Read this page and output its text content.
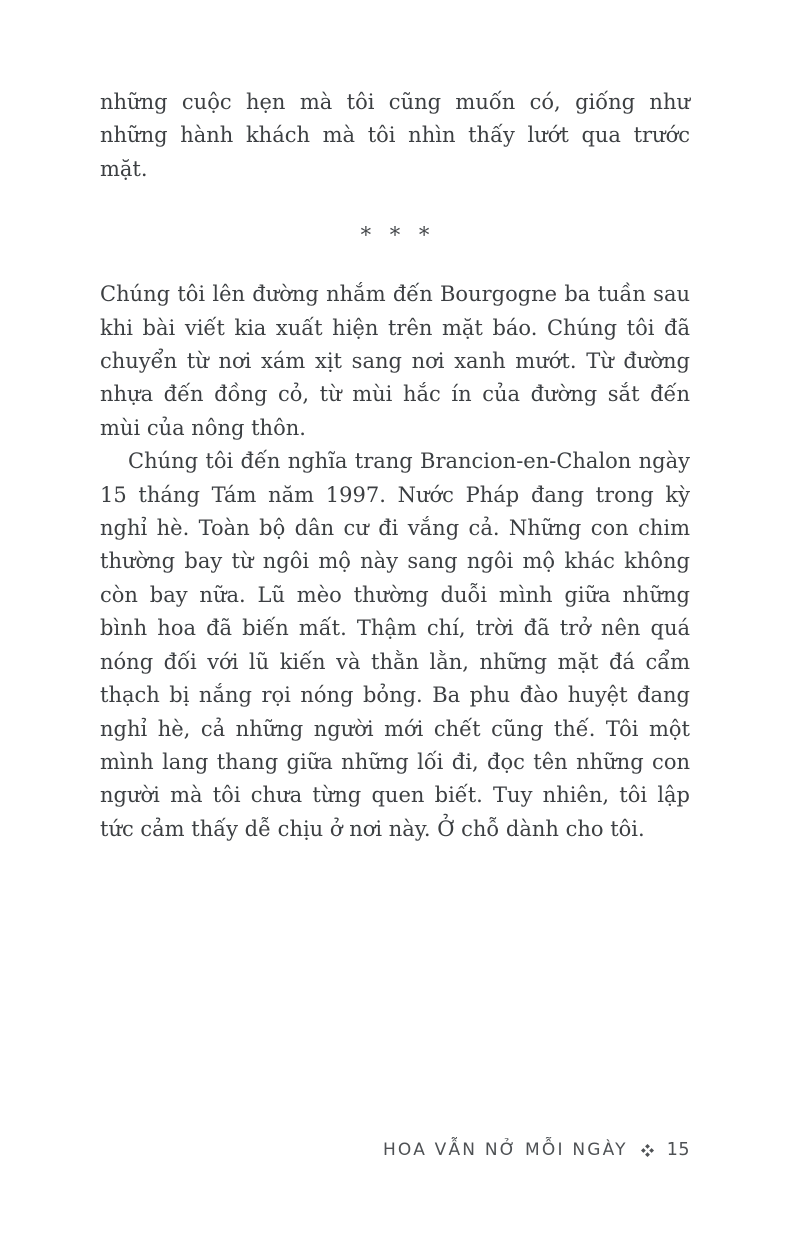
những cuộc hẹn mà tôi cũng muốn có, giống như những hành khách mà tôi nhìn thấy lướt qua trước mặt.

* * *

Chúng tôi lên đường nhắm đến Bourgogne ba tuần sau khi bài viết kia xuất hiện trên mặt báo. Chúng tôi đã chuyển từ nơi xám xịt sang nơi xanh mướt. Từ đường nhựa đến đồng cỏ, từ mùi hắc ín của đường sắt đến mùi của nông thôn.

Chúng tôi đến nghĩa trang Brancion-en-Chalon ngày 15 tháng Tám năm 1997. Nước Pháp đang trong kỳ nghỉ hè. Toàn bộ dân cư đi vắng cả. Những con chim thường bay từ ngôi mộ này sang ngôi mộ khác không còn bay nữa. Lũ mèo thường duỗi mình giữa những bình hoa đã biến mất. Thậm chí, trời đã trở nên quá nóng đối với lũ kiến và thằn lằn, những mặt đá cẩm thạch bị nắng rọi nóng bỏng. Ba phu đào huyệt đang nghỉ hè, cả những người mới chết cũng thế. Tôi một mình lang thang giữa những lối đi, đọc tên những con người mà tôi chưa từng quen biết. Tuy nhiên, tôi lập tức cảm thấy dễ chịu ở nơi này. Ở chỗ dành cho tôi.

HOA VẪN NỞ MỖI NGÀY 15
